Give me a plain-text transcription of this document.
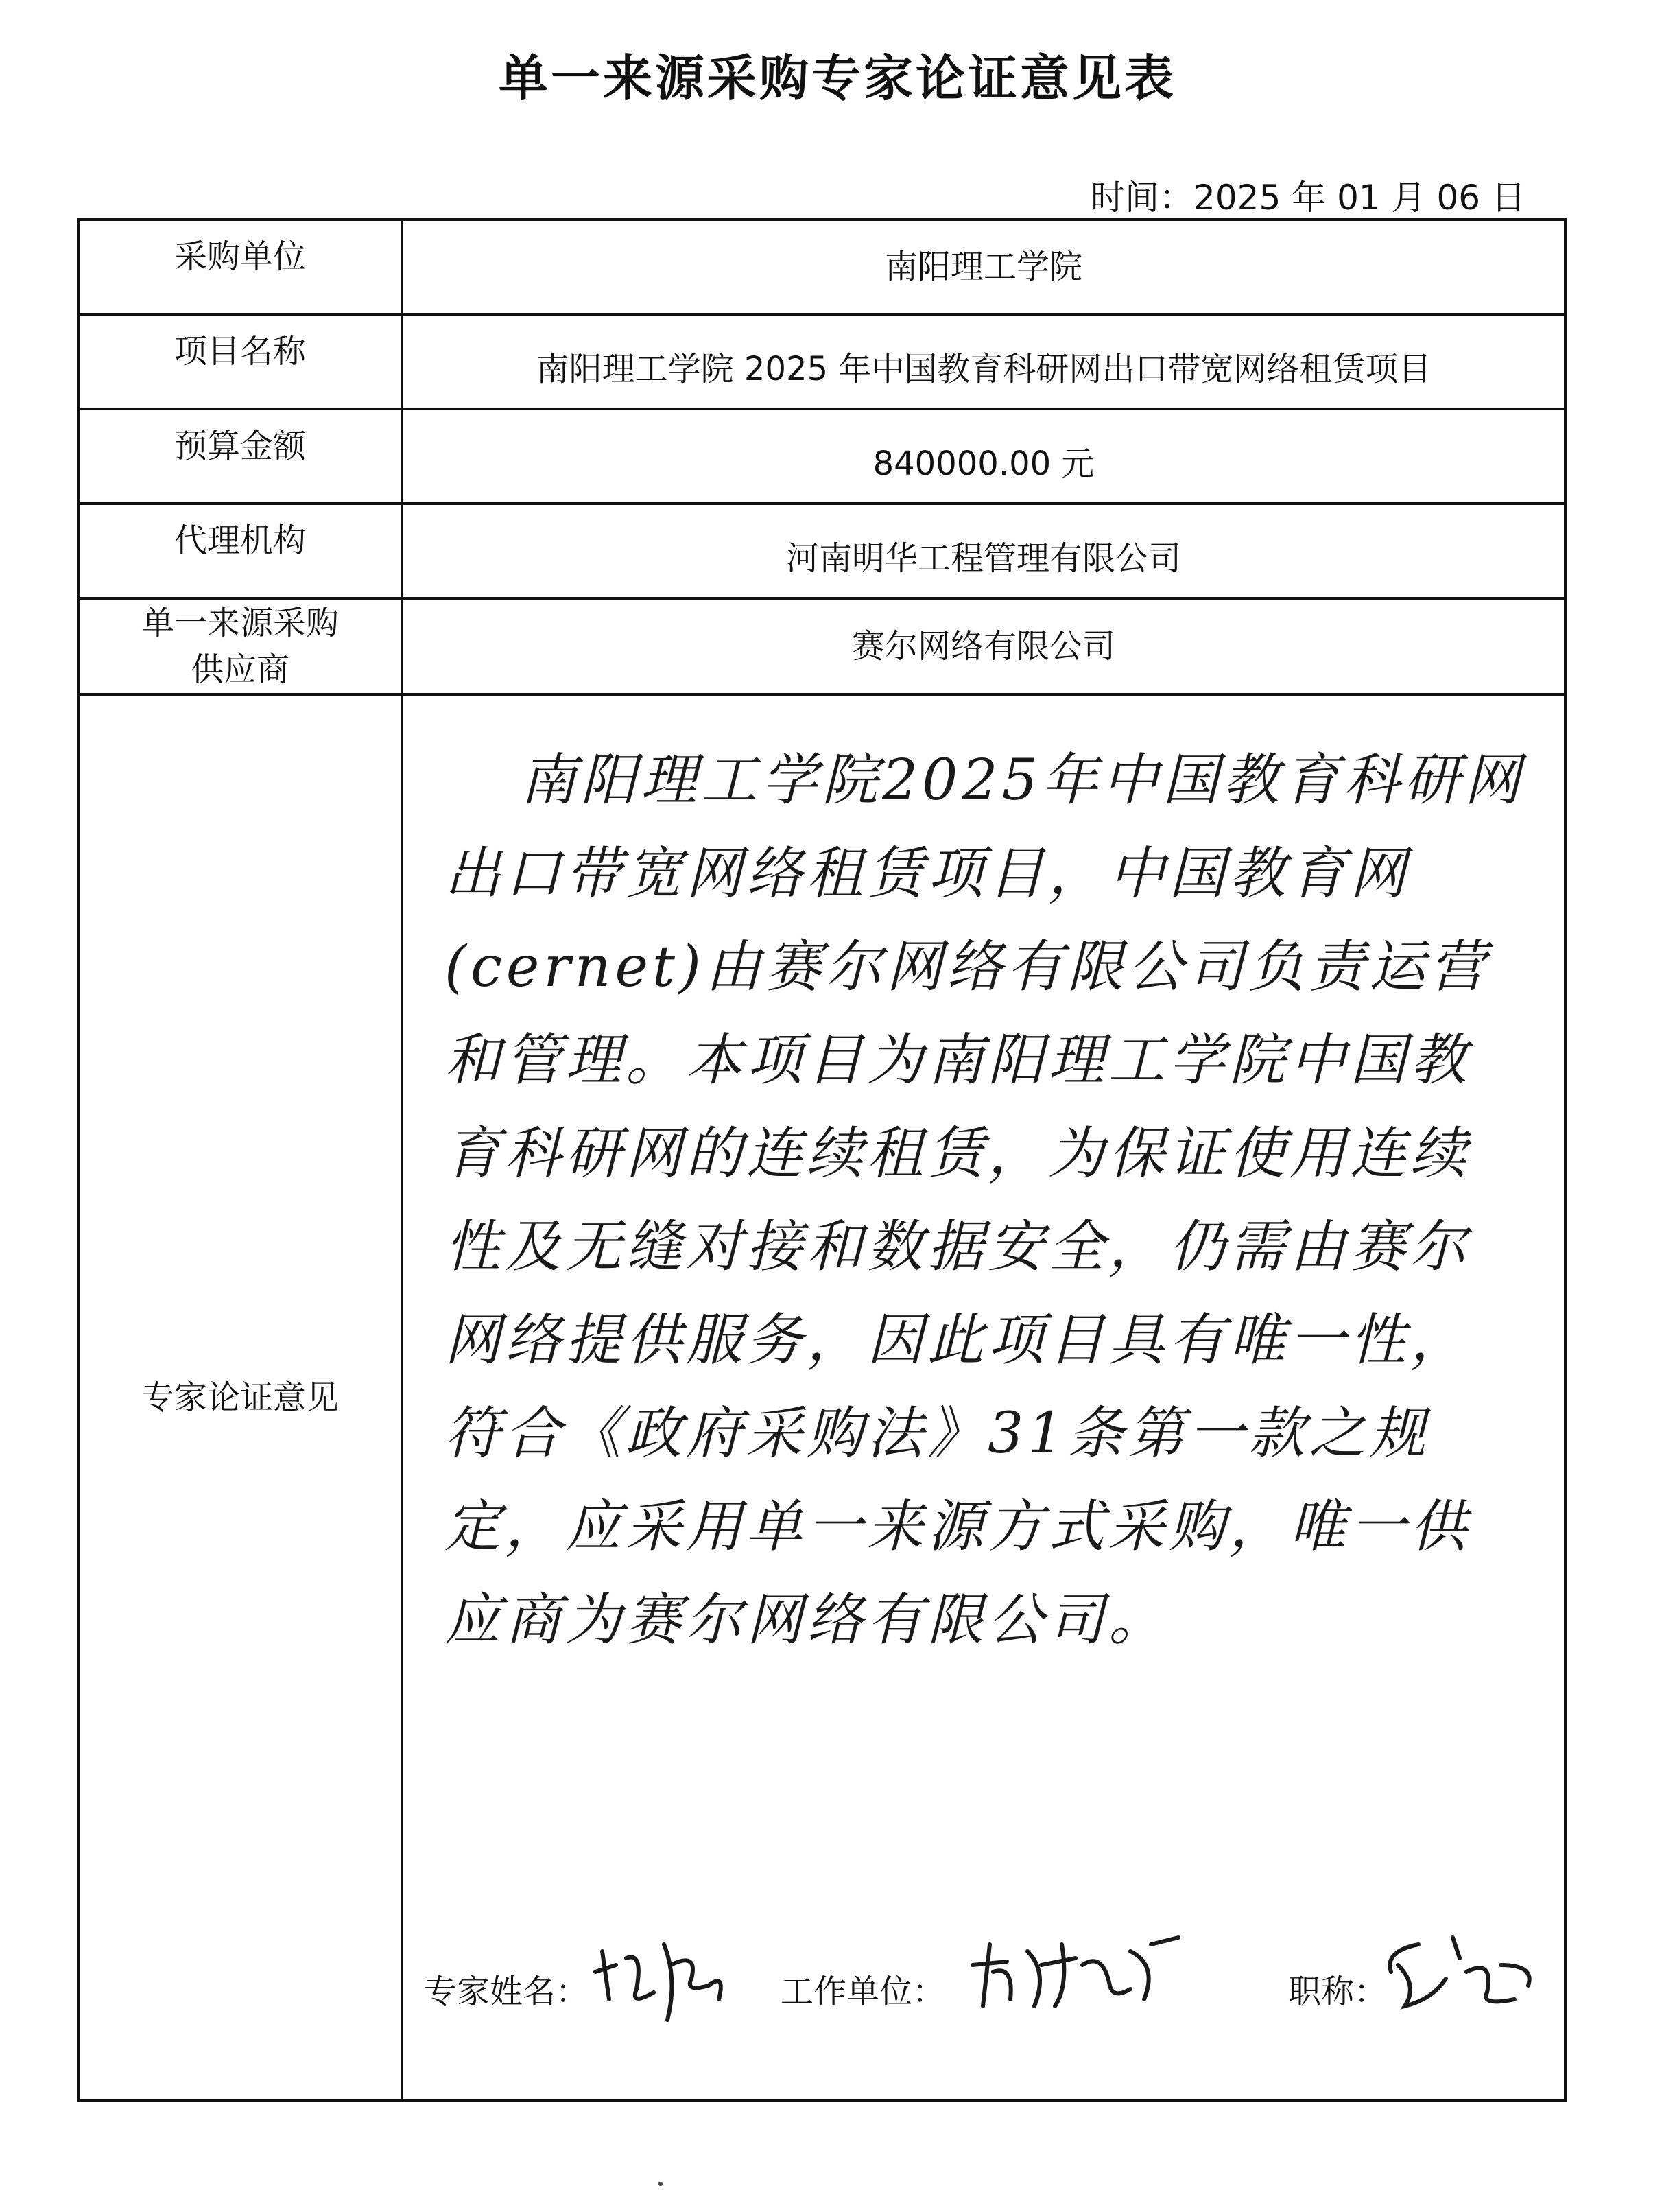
单一来源采购专家论证意见表
时间：2025 年 01 月 06 日
采购单位	南阳理工学院

项目名称	南阳理工学院 2025 年中国教育科研网出口带宽网络租赁项目

预算金额	840000.00 元

代理机构	河南明华工程管理有限公司

单一来源采购
供应商	赛尔网络有限公司
专家论证意见	南阳理工学院2025年中国教育科研网出口带宽网络租赁项目，中国教育网(cernet)由赛尔网络有限公司负责运营和管理。本项目为南阳理工学院中国教育科研网的连续租赁，为保证使用连续性及无缝对接和数据安全，仍需由赛尔网络提供服务，因此项目具有唯一性，符合《政府采购法》31条第一款之规定，应采用单一来源方式采购，唯一供应商为赛尔网络有限公司。
专家姓名： 工作单位： 职称：
